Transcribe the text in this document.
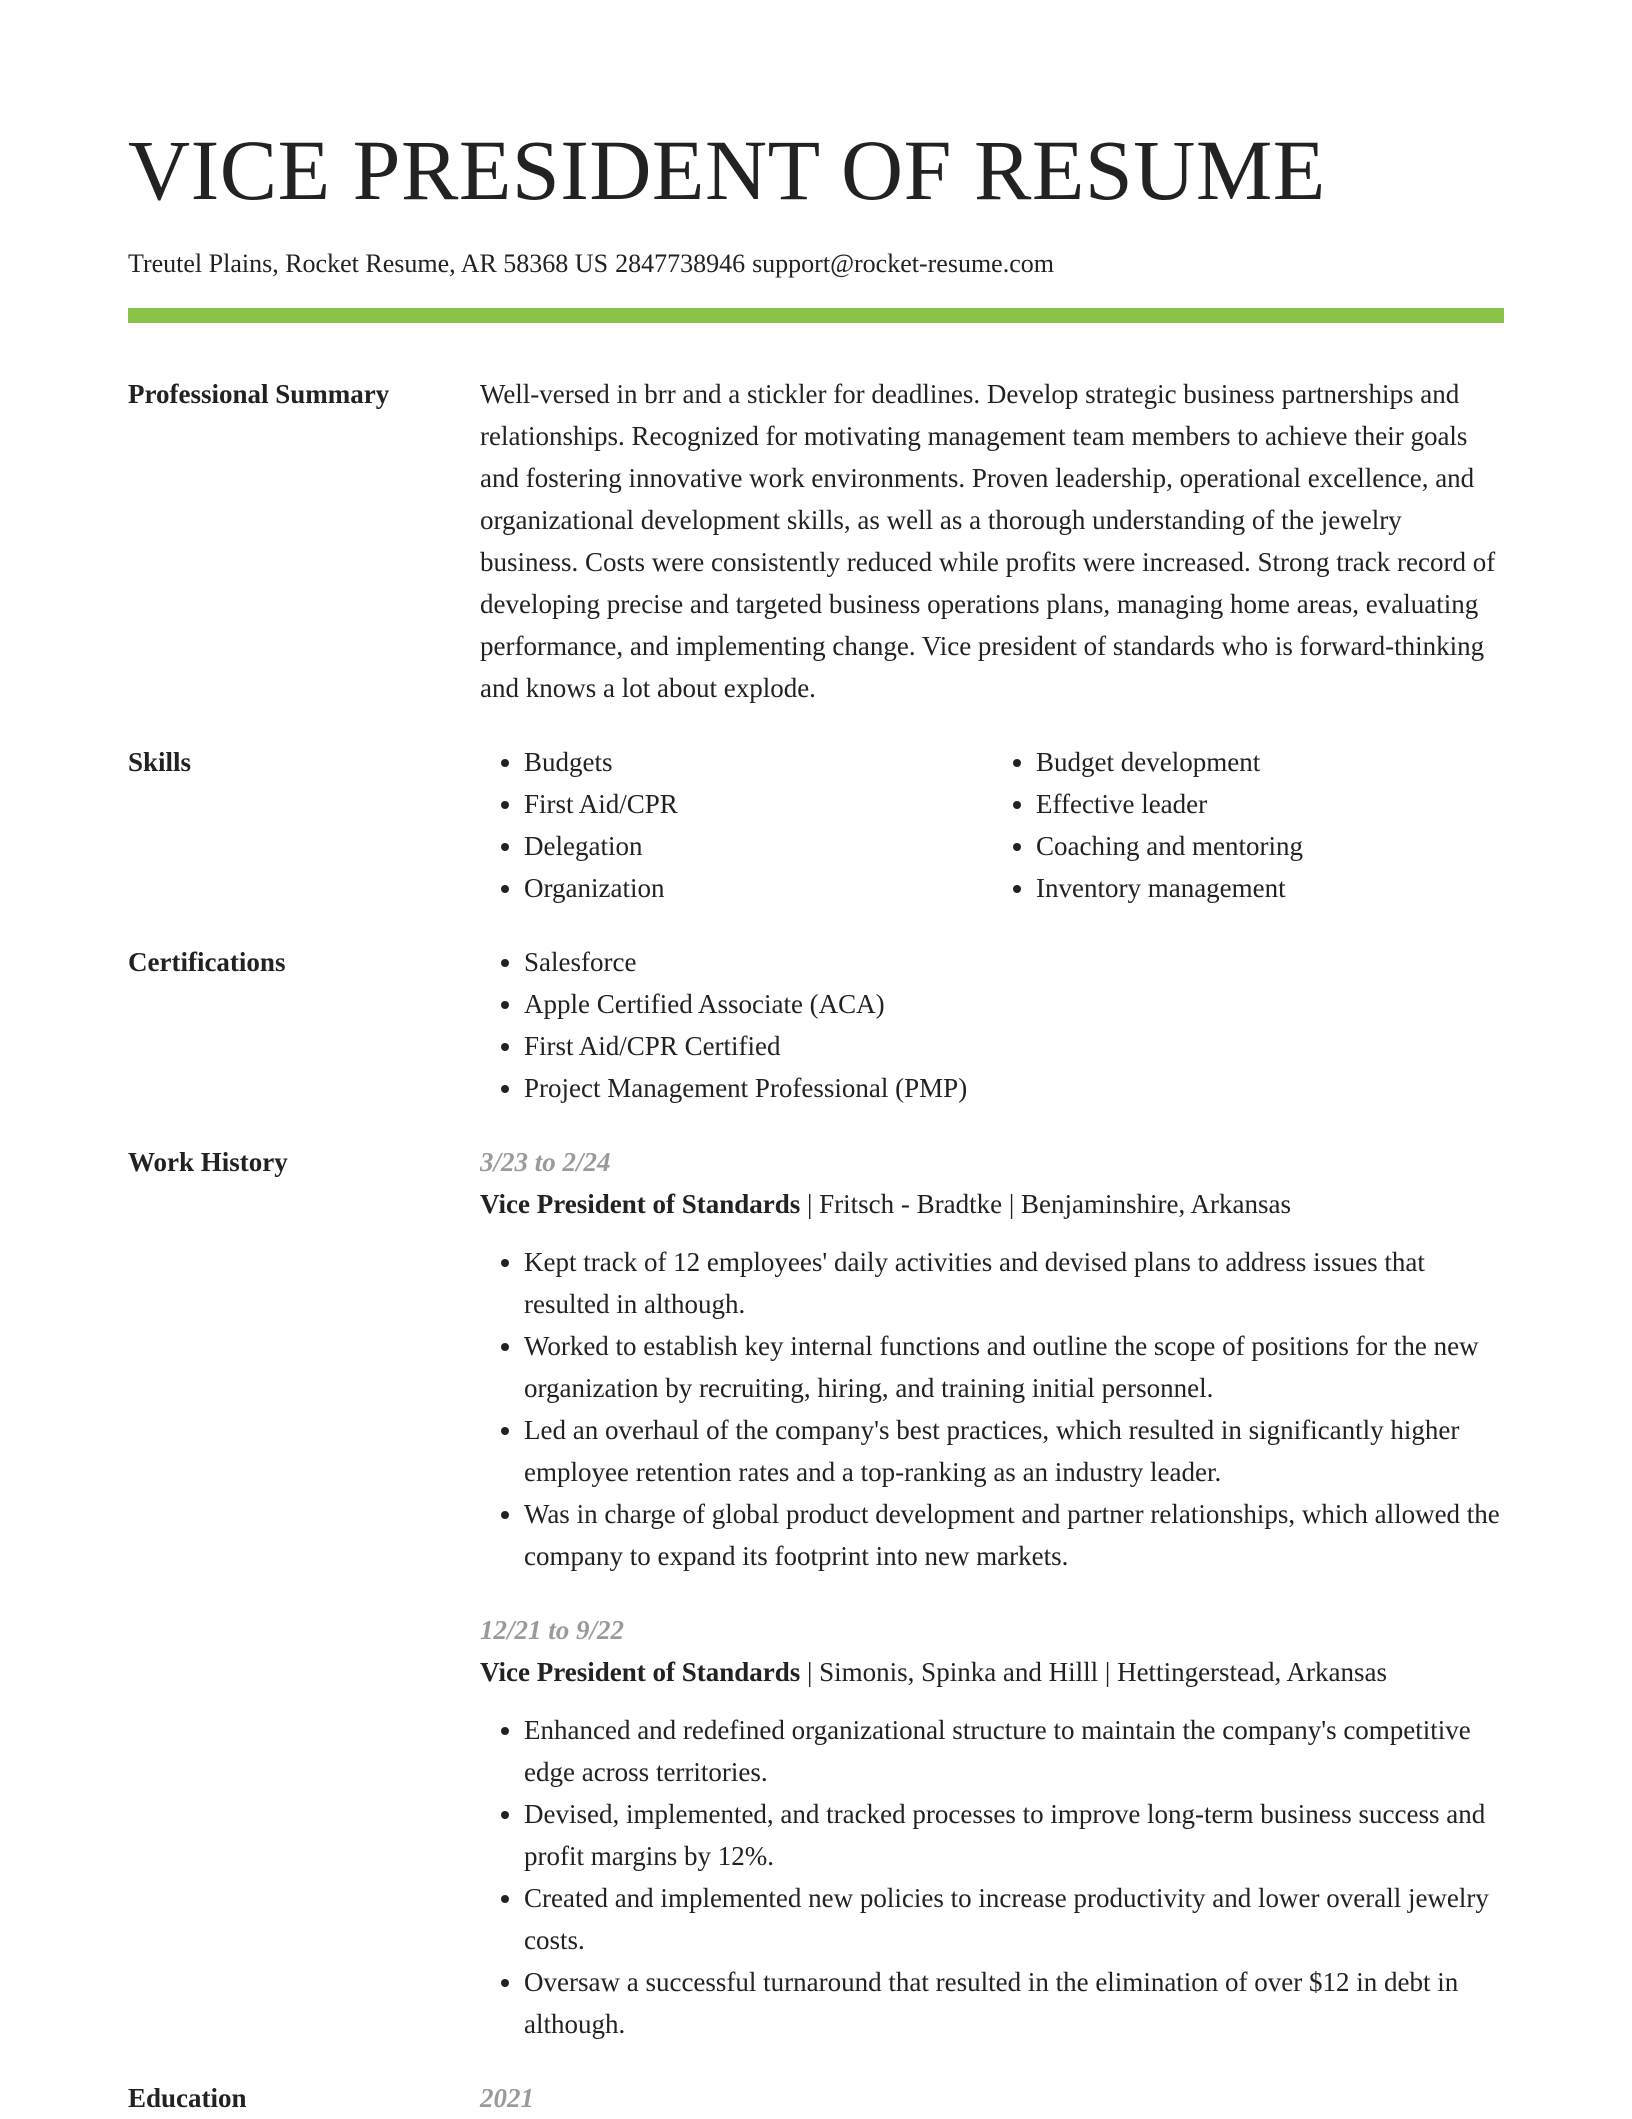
VICE PRESIDENT OF RESUME
Treutel Plains, Rocket Resume, AR 58368 US 2847738946 support@rocket-resume.com
Professional Summary	Well-versed in brr and a stickler for deadlines. Develop strategic business partnerships and relationships. Recognized for motivating management team members to achieve their goals and fostering innovative work environments. Proven leadership, operational excellence, and organizational development skills, as well as a thorough understanding of the jewelry business. Costs were consistently reduced while profits were increased. Strong track record of developing precise and targeted business operations plans, managing home areas, evaluating performance, and implementing change. Vice president of standards who is forward-thinking and knows a lot about explode.

Skills	• Budgets
• First Aid/CPR
• Delegation
• Organization
• Budget development
• Effective leader
• Coaching and mentoring
• Inventory management
Certifications	• Salesforce
• Apple Certified Associate (ACA)
• First Aid/CPR Certified
• Project Management Professional (PMP)
Work History	3/23 to 2/24
Vice President of Standards | Fritsch - Bradtke | Benjaminshire, Arkansas
• Kept track of 12 employees' daily activities and devised plans to address issues that resulted in although.
• Worked to establish key internal functions and outline the scope of positions for the new organization by recruiting, hiring, and training initial personnel.
• Led an overhaul of the company's best practices, which resulted in significantly higher employee retention rates and a top-ranking as an industry leader.
• Was in charge of global product development and partner relationships, which allowed the company to expand its footprint into new markets.
12/21 to 9/22
Vice President of Standards | Simonis, Spinka and Hilll | Hettingerstead, Arkansas
• Enhanced and redefined organizational structure to maintain the company's competitive edge across territories.
• Devised, implemented, and tracked processes to improve long-term business success and profit margins by 12%.
• Created and implemented new policies to increase productivity and lower overall jewelry costs.
• Oversaw a successful turnaround that resulted in the elimination of over $12 in debt in although.
Education	2021
